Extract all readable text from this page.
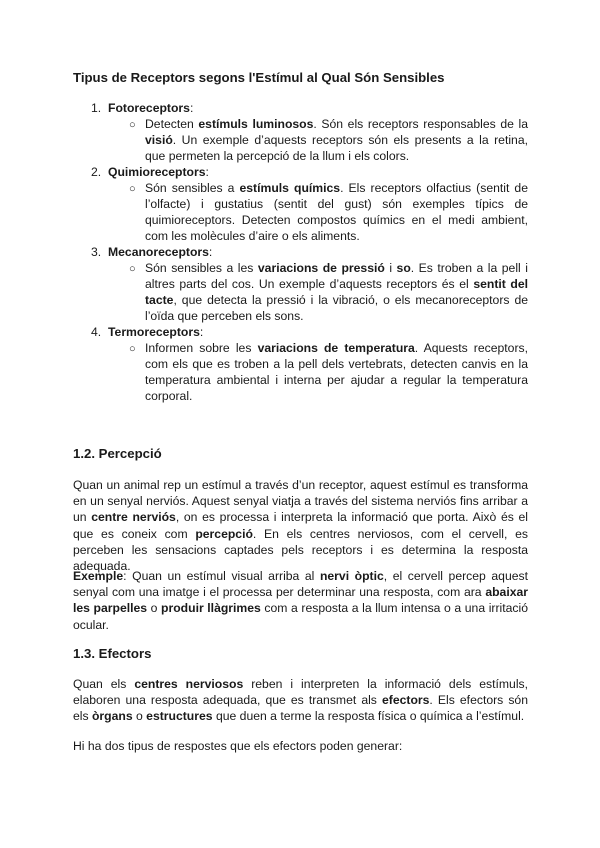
Tipus de Receptors segons l'Estímul al Qual Són Sensibles

1. Fotoreceptors:
○ Detecten estímuls luminosos. Són els receptors responsables de la visió. Un exemple d’aquests receptors són els presents a la retina, que permeten la percepció de la llum i els colors.

2. Quimioreceptors:
○ Són sensibles a estímuls químics. Els receptors olfactius (sentit de l’olfacte) i gustatius (sentit del gust) són exemples típics de quimioreceptors. Detecten compostos químics en el medi ambient, com les molècules d’aire o els aliments.

3. Mecanoreceptors:
○ Són sensibles a les variacions de pressió i so. Es troben a la pell i altres parts del cos. Un exemple d’aquests receptors és el sentit del tacte, que detecta la pressió i la vibració, o els mecanoreceptors de l’oïda que perceben els sons.

4. Termoreceptors:
○ Informen sobre les variacions de temperatura. Aquests receptors, com els que es troben a la pell dels vertebrats, detecten canvis en la temperatura ambiental i interna per ajudar a regular la temperatura corporal.

1.2. Percepció

Quan un animal rep un estímul a través d’un receptor, aquest estímul es transforma en un senyal nerviós. Aquest senyal viatja a través del sistema nerviós fins arribar a un centre nerviós, on es processa i interpreta la informació que porta. Això és el que es coneix com percepció. En els centres nerviosos, com el cervell, es perceben les sensacions captades pels receptors i es determina la resposta adequada.

Exemple: Quan un estímul visual arriba al nervi òptic, el cervell percep aquest senyal com una imatge i el processa per determinar una resposta, com ara abaixar les parpelles o produir llàgrimes com a resposta a la llum intensa o a una irritació ocular.

1.3. Efectors

Quan els centres nerviosos reben i interpreten la informació dels estímuls, elaboren una resposta adequada, que es transmet als efectors. Els efectors són els òrgans o estructures que duen a terme la resposta física o química a l’estímul.

Hi ha dos tipus de respostes que els efectors poden generar:
